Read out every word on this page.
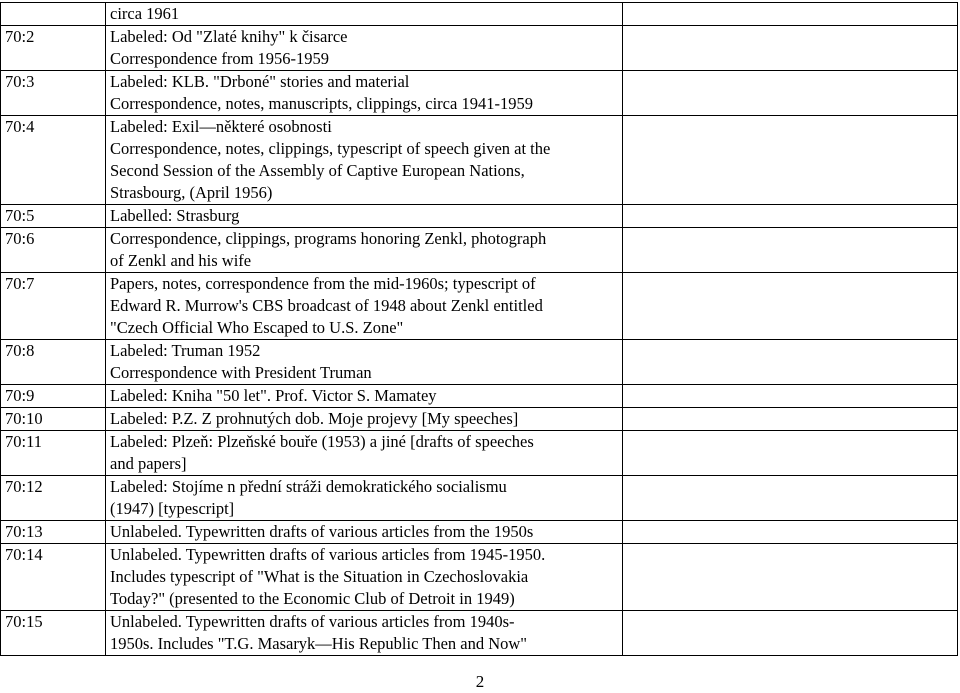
	circa 1961	

70:2	Labeled: Od "Zlaté knihy" k čisarce
Correspondence from 1956-1959	

70:3	Labeled: KLB. "Drboné" stories and material
Correspondence, notes, manuscripts, clippings, circa 1941-1959	

70:4	Labeled: Exil—některé osobnosti
Correspondence, notes, clippings, typescript of speech given at the
Second Session of the Assembly of Captive European Nations,
Strasbourg, (April 1956)	

70:5	Labelled: Strasburg	

70:6	Correspondence, clippings, programs honoring Zenkl, photograph
of Zenkl and his wife	

70:7	Papers, notes, correspondence from the mid-1960s; typescript of
Edward R. Murrow's CBS broadcast of 1948 about Zenkl entitled
"Czech Official Who Escaped to U.S. Zone"	

70:8	Labeled: Truman 1952
Correspondence with President Truman	

70:9	Labeled: Kniha "50 let". Prof. Victor S. Mamatey	

70:10	Labeled: P.Z. Z prohnutých dob. Moje projevy [My speeches]	

70:11	Labeled: Plzeň: Plzeňské bouře (1953) a jiné [drafts of speeches
and papers]	

70:12	Labeled: Stojíme n přední stráži demokratického socialismu
(1947) [typescript]	

70:13	Unlabeled. Typewritten drafts of various articles from the 1950s	

70:14	Unlabeled. Typewritten drafts of various articles from 1945-1950.
Includes typescript of "What is the Situation in Czechoslovakia
Today?" (presented to the Economic Club of Detroit in 1949)	

70:15	Unlabeled. Typewritten drafts of various articles from 1940s-
1950s. Includes "T.G. Masaryk—His Republic Then and Now"	

2
